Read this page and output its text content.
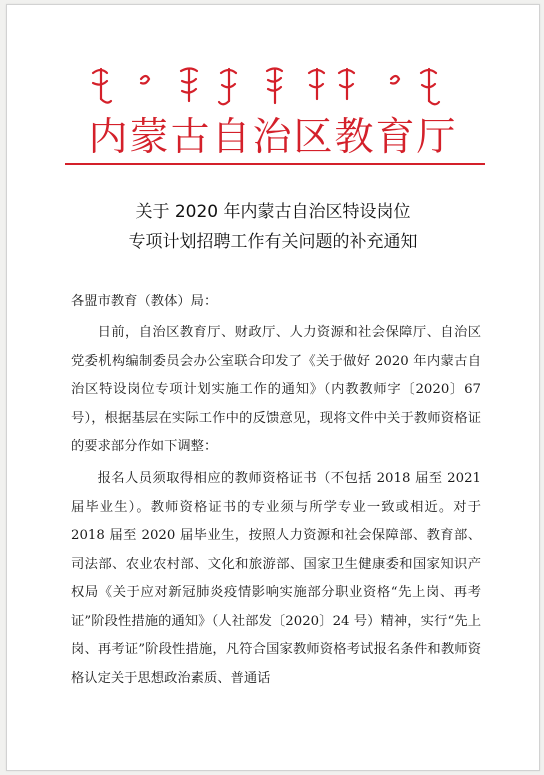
内蒙古自治区教育厅
关于 2020 年内蒙古自治区特设岗位
专项计划招聘工作有关问题的补充通知
各盟市教育（教体）局：
日前，自治区教育厅、财政厅、人力资源和社会保障厅、自治区党委机构编制委员会办公室联合印发了《关于做好 2020 年内蒙古自治区特设岗位专项计划实施工作的通知》（内教教师字〔2020〕67 号），根据基层在实际工作中的反馈意见，现将文件中关于教师资格证的要求部分作如下调整：
报名人员须取得相应的教师资格证书（不包括 2018 届至 2021 届毕业生）。教师资格证书的专业须与所学专业一致或相近。对于 2018 届至 2020 届毕业生，按照人力资源和社会保障部、教育部、司法部、农业农村部、文化和旅游部、国家卫生健康委和国家知识产权局《关于应对新冠肺炎疫情影响实施部分职业资格“先上岗、再考证”阶段性措施的通知》（人社部发〔2020〕24 号）精神，实行“先上岗、再考证”阶段性措施，凡符合国家教师资格考试报名条件和教师资格认定关于思想政治素质、普通话
